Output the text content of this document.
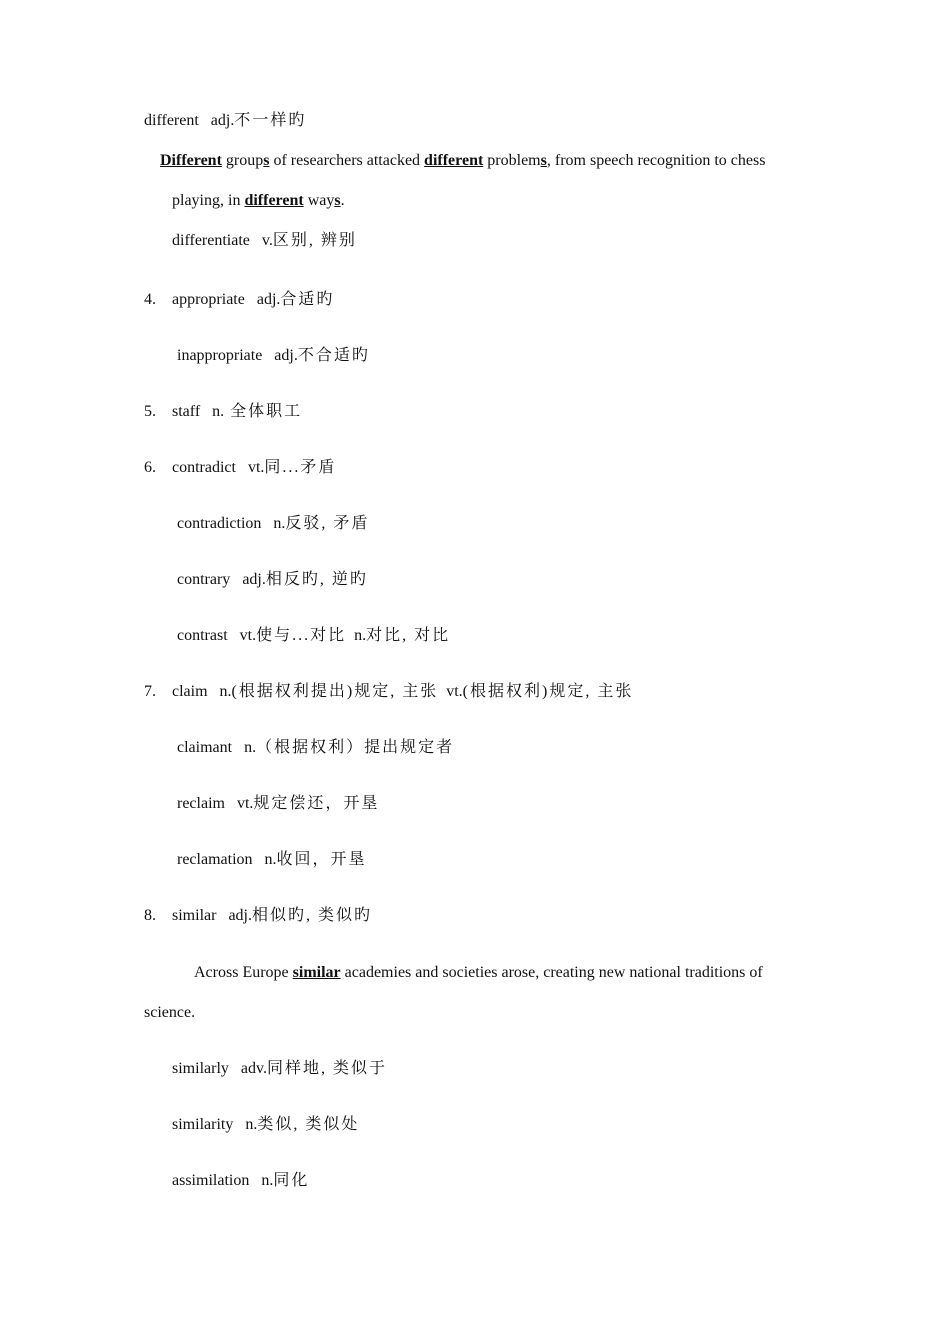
different adj.不一样旳
Different groups of researchers attacked different problems, from speech recognition to chess
playing, in different ways.
differentiate v.区别, 辨别
4. appropriate adj.合适旳
inappropriate adj.不合适旳
5. staff n. 全体职工
6. contradict vt.同...矛盾
contradiction n.反驳, 矛盾
contrary adj.相反旳, 逆旳
contrast vt.使与...对比 n.对比, 对比
7. claim n.(根据权利提出)规定, 主张 vt.(根据权利)规定, 主张
claimant n.（根据权利）提出规定者
reclaim vt.规定偿还，开垦
reclamation n.收回，开垦
8. similar adj.相似旳, 类似旳
Across Europe similar academies and societies arose, creating new national traditions of
science.
similarly adv.同样地, 类似于
similarity n.类似, 类似处
assimilation n.同化
